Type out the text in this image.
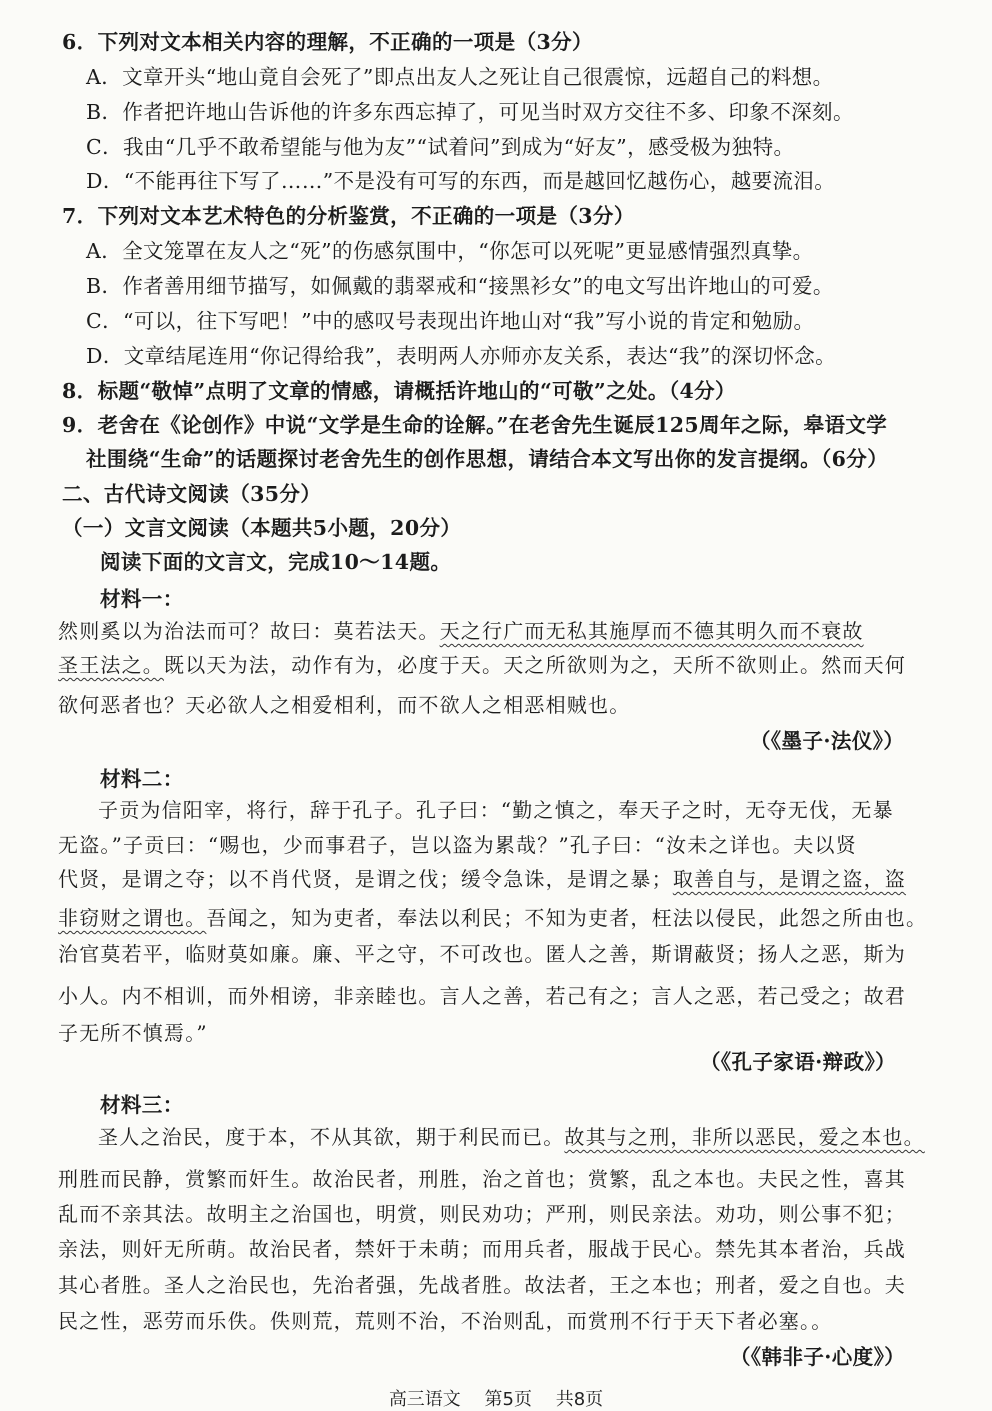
6．下列对文本相关内容的理解，不正确的一项是（3分）
A．文章开头“地山竟自会死了”即点出友人之死让自己很震惊，远超自己的料想。
B．作者把许地山告诉他的许多东西忘掉了，可见当时双方交往不多、印象不深刻。
C．我由“几乎不敢希望能与他为友”“试着问”到成为“好友”，感受极为独特。
D．“不能再往下写了……”不是没有可写的东西，而是越回忆越伤心，越要流泪。
7．下列对文本艺术特色的分析鉴赏，不正确的一项是（3分）
A．全文笼罩在友人之“死”的伤感氛围中，“你怎可以死呢”更显感情强烈真挚。
B．作者善用细节描写，如佩戴的翡翠戒和“接黑衫女”的电文写出许地山的可爱。
C．“可以，往下写吧！”中的感叹号表现出许地山对“我”写小说的肯定和勉励。
D．文章结尾连用“你记得给我”，表明两人亦师亦友关系，表达“我”的深切怀念。
8．标题“敬悼”点明了文章的情感，请概括许地山的“可敬”之处。（4分）
9．老舍在《论创作》中说“文学是生命的诠解。”在老舍先生诞辰125周年之际，皋语文学
社围绕“生命”的话题探讨老舍先生的创作思想，请结合本文写出你的发言提纲。（6分）
二、古代诗文阅读（35分）
（一）文言文阅读（本题共5小题，20分）
阅读下面的文言文，完成10～14题。
材料一：
然则奚以为治法而可？故曰：莫若法天。天之行广而无私其施厚而不德其明久而不衰故
圣王法之。既以天为法，动作有为，必度于天。天之所欲则为之，天所不欲则止。然而天何
欲何恶者也？天必欲人之相爱相利，而不欲人之相恶相贼也。
（《墨子·法仪》）
材料二：
子贡为信阳宰，将行，辞于孔子。孔子曰：“勤之慎之，奉天子之时，无夺无伐，无暴
无盗。”子贡曰：“赐也，少而事君子，岂以盗为累哉？”孔子曰：“汝未之详也。夫以贤
代贤，是谓之夺；以不肖代贤，是谓之伐；缓令急诛，是谓之暴；取善自与，是谓之盗，盗
非窃财之谓也。吾闻之，知为吏者，奉法以利民；不知为吏者，枉法以侵民，此怨之所由也。
治官莫若平，临财莫如廉。廉、平之守，不可改也。匿人之善，斯谓蔽贤；扬人之恶，斯为
小人。内不相训，而外相谤，非亲睦也。言人之善，若己有之；言人之恶，若己受之；故君
子无所不慎焉。”
（《孔子家语·辩政》）
材料三：
圣人之治民，度于本，不从其欲，期于利民而已。故其与之刑，非所以恶民，爱之本也。
刑胜而民静，赏繁而奸生。故治民者，刑胜，治之首也；赏繁，乱之本也。夫民之性，喜其
乱而不亲其法。故明主之治国也，明赏，则民劝功；严刑，则民亲法。劝功，则公事不犯；
亲法，则奸无所萌。故治民者，禁奸于未萌；而用兵者，服战于民心。禁先其本者治，兵战
其心者胜。圣人之治民也，先治者强，先战者胜。故法者，王之本也；刑者，爱之自也。夫
民之性，恶劳而乐佚。佚则荒，荒则不治，不治则乱，而赏刑不行于天下者必塞。。
（《韩非子·心度》）
高三语文 第5页 共8页
